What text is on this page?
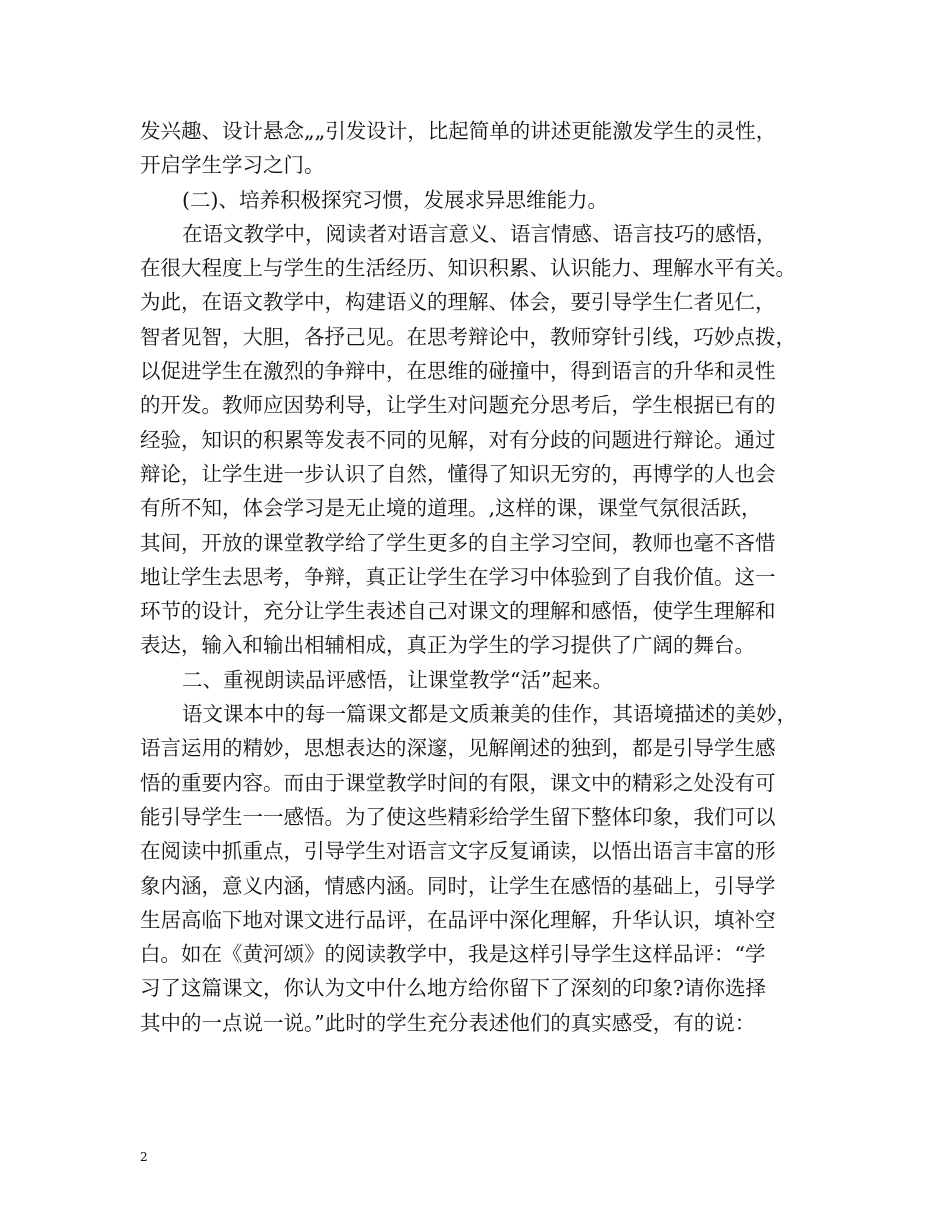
发兴趣、设计悬念„„引发设计，比起简单的讲述更能激发学生的灵性，
开启学生学习之门。
(二)、培养积极探究习惯，发展求异思维能力。
在语文教学中，阅读者对语言意义、语言情感、语言技巧的感悟，
在很大程度上与学生的生活经历、知识积累、认识能力、理解水平有关。
为此，在语文教学中，构建语义的理解、体会，要引导学生仁者见仁，
智者见智，大胆，各抒己见。在思考辩论中，教师穿针引线，巧妙点拨，
以促进学生在激烈的争辩中，在思维的碰撞中，得到语言的升华和灵性
的开发。教师应因势利导，让学生对问题充分思考后，学生根据已有的
经验，知识的积累等发表不同的见解，对有分歧的问题进行辩论。通过
辩论，让学生进一步认识了自然，懂得了知识无穷的，再博学的人也会
有所不知，体会学习是无止境的道理。,这样的课，课堂气氛很活跃，
其间，开放的课堂教学给了学生更多的自主学习空间，教师也毫不吝惜
地让学生去思考，争辩，真正让学生在学习中体验到了自我价值。这一
环节的设计，充分让学生表述自己对课文的理解和感悟，使学生理解和
表达，输入和输出相辅相成，真正为学生的学习提供了广阔的舞台。
二、重视朗读品评感悟，让课堂教学“活”起来。
语文课本中的每一篇课文都是文质兼美的佳作，其语境描述的美妙，
语言运用的精妙，思想表达的深邃，见解阐述的独到，都是引导学生感
悟的重要内容。而由于课堂教学时间的有限，课文中的精彩之处没有可
能引导学生一一感悟。为了使这些精彩给学生留下整体印象，我们可以
在阅读中抓重点，引导学生对语言文字反复诵读，以悟出语言丰富的形
象内涵，意义内涵，情感内涵。同时，让学生在感悟的基础上，引导学
生居高临下地对课文进行品评，在品评中深化理解，升华认识，填补空
白。如在《黄河颂》的阅读教学中，我是这样引导学生这样品评：“学
习了这篇课文，你认为文中什么地方给你留下了深刻的印象?请你选择
其中的一点说一说。”此时的学生充分表述他们的真实感受，有的说：
2
